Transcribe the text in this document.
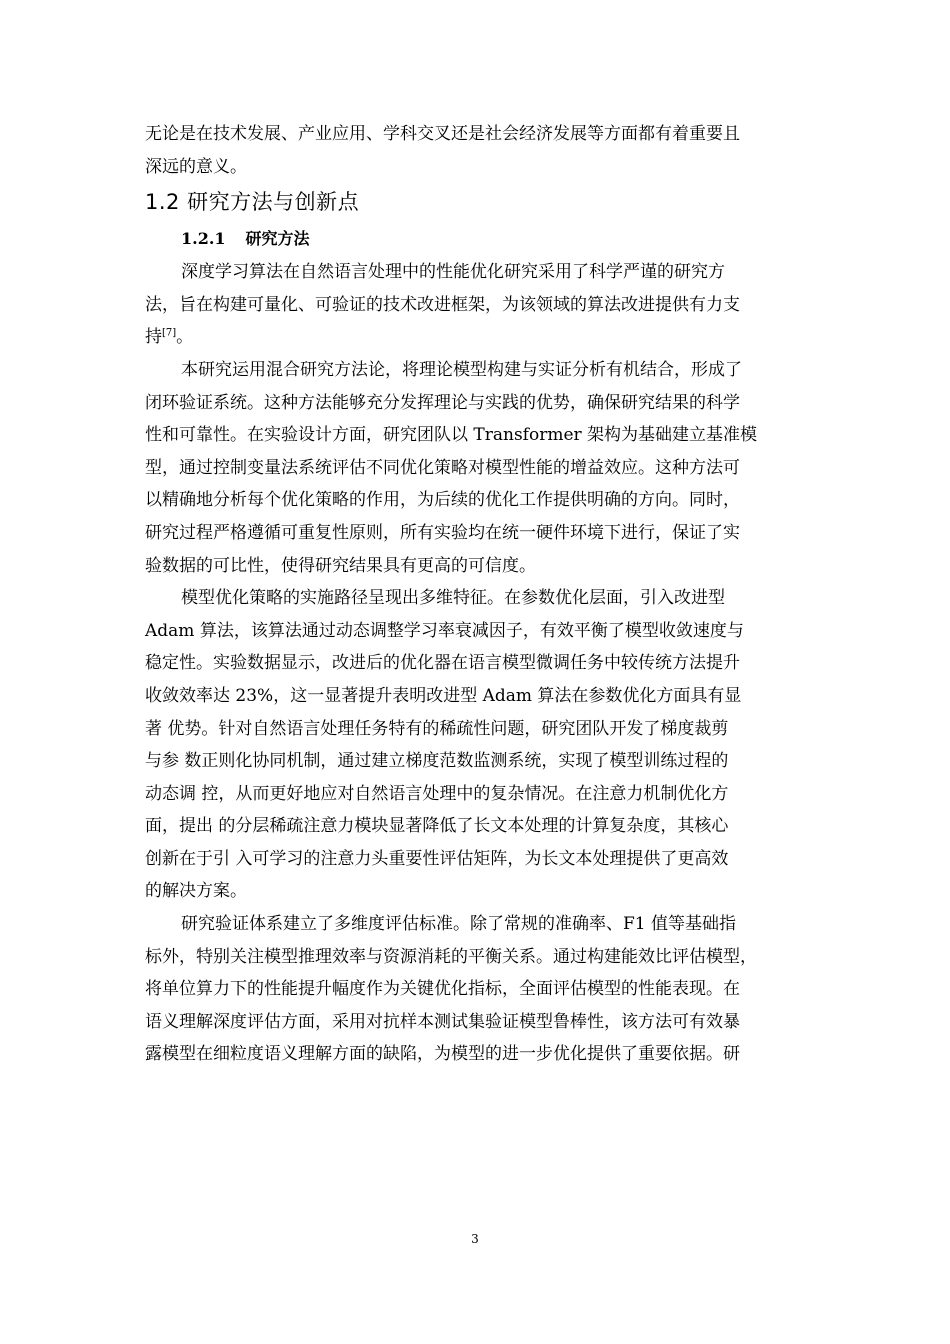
无论是在技术发展、产业应用、学科交叉还是社会经济发展等方面都有着重要且
深远的意义。
1.2 研究方法与创新点
1.2.1 研究方法
深度学习算法在自然语言处理中的性能优化研究采用了科学严谨的研究方
法，旨在构建可量化、可验证的技术改进框架，为该领域的算法改进提供有力支
持[7]。
本研究运用混合研究方法论，将理论模型构建与实证分析有机结合，形成了
闭环验证系统。这种方法能够充分发挥理论与实践的优势，确保研究结果的科学
性和可靠性。在实验设计方面，研究团队以 Transformer 架构为基础建立基准模
型，通过控制变量法系统评估不同优化策略对模型性能的增益效应。这种方法可
以精确地分析每个优化策略的作用，为后续的优化工作提供明确的方向。同时，
研究过程严格遵循可重复性原则，所有实验均在统一硬件环境下进行，保证了实
验数据的可比性，使得研究结果具有更高的可信度。
模型优化策略的实施路径呈现出多维特征。在参数优化层面，引入改进型
Adam 算法，该算法通过动态调整学习率衰减因子，有效平衡了模型收敛速度与
稳定性。实验数据显示，改进后的优化器在语言模型微调任务中较传统方法提升
收敛效率达 23%，这一显著提升表明改进型 Adam 算法在参数优化方面具有显
著 优势。针对自然语言处理任务特有的稀疏性问题，研究团队开发了梯度裁剪
与参 数正则化协同机制，通过建立梯度范数监测系统，实现了模型训练过程的
动态调 控，从而更好地应对自然语言处理中的复杂情况。在注意力机制优化方
面，提出 的分层稀疏注意力模块显著降低了长文本处理的计算复杂度，其核心
创新在于引 入可学习的注意力头重要性评估矩阵，为长文本处理提供了更高效
的解决方案。
研究验证体系建立了多维度评估标准。除了常规的准确率、F1 值等基础指
标外，特别关注模型推理效率与资源消耗的平衡关系。通过构建能效比评估模型，
将单位算力下的性能提升幅度作为关键优化指标，全面评估模型的性能表现。在
语义理解深度评估方面，采用对抗样本测试集验证模型鲁棒性，该方法可有效暴
露模型在细粒度语义理解方面的缺陷，为模型的进一步优化提供了重要依据。研
3
